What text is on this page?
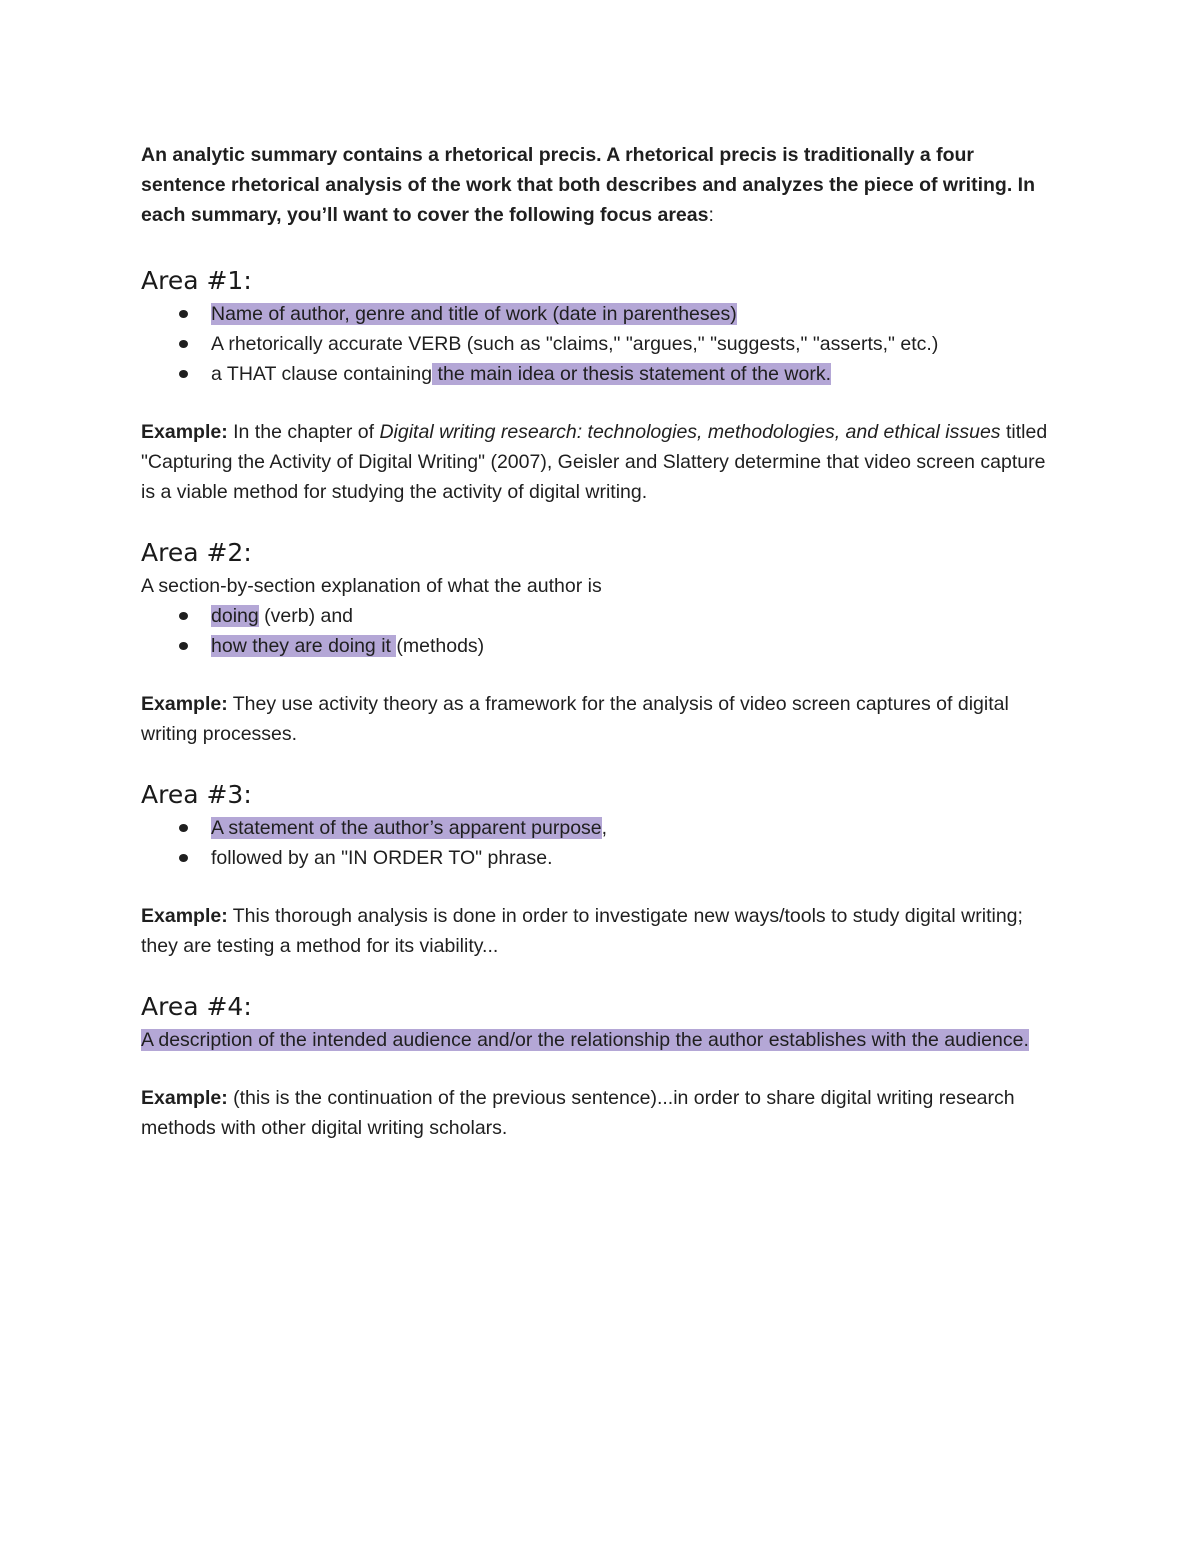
An analytic summary contains a rhetorical precis. A rhetorical precis is traditionally a four sentence rhetorical analysis of the work that both describes and analyzes the piece of writing. In each summary, you’ll want to cover the following focus areas:

Area #1:
Name of author, genre and title of work (date in parentheses)
A rhetorically accurate VERB (such as "claims," "argues," "suggests," "asserts," etc.)
a THAT clause containing the main idea or thesis statement of the work.

Example: In the chapter of Digital writing research: technologies, methodologies, and ethical issues titled "Capturing the Activity of Digital Writing" (2007), Geisler and Slattery determine that video screen capture is a viable method for studying the activity of digital writing.

Area #2:

A section-by-section explanation of what the author is

doing (verb) and
how they are doing it (methods)

Example: They use activity theory as a framework for the analysis of video screen captures of digital writing processes.

Area #3:
A statement of the author’s apparent purpose,
followed by an "IN ORDER TO" phrase.

Example: This thorough analysis is done in order to investigate new ways/tools to study digital writing; they are testing a method for its viability...

Area #4:

A description of the intended audience and/or the relationship the author establishes with the audience.

Example: (this is the continuation of the previous sentence)...in order to share digital writing research methods with other digital writing scholars.
